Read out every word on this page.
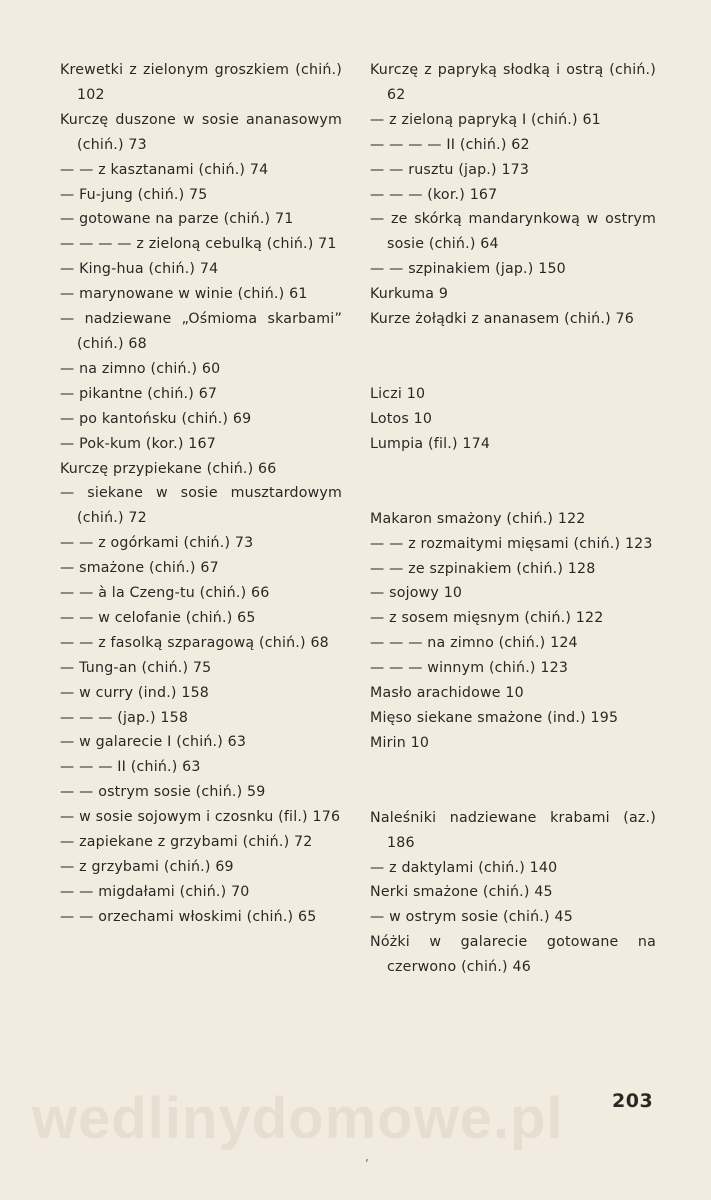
wedlinydomowe.pl
Krewetki z zielonym groszkiem (chiń.) 102
Kurczę duszone w sosie ananasowym (chiń.) 73
— — z kasztanami (chiń.) 74
— Fu-jung (chiń.) 75
— gotowane na parze (chiń.) 71
— — — — z zieloną cebulką (chiń.) 71
— King-hua (chiń.) 74
— marynowane w winie (chiń.) 61
— nadziewane „Ośmioma skarbami” (chiń.) 68
— na zimno (chiń.) 60
— pikantne (chiń.) 67
— po kantońsku (chiń.) 69
— Pok-kum (kor.) 167
Kurczę przypiekane (chiń.) 66
— siekane w sosie musztardowym (chiń.) 72
— — z ogórkami (chiń.) 73
— smażone (chiń.) 67
— — à la Czeng-tu (chiń.) 66
— — w celofanie (chiń.) 65
— — z fasolką szparagową (chiń.) 68
— Tung-an (chiń.) 75
— w curry (ind.) 158
— — — (jap.) 158
— w galarecie I (chiń.) 63
— — — II (chiń.) 63
— — ostrym sosie (chiń.) 59
— w sosie sojowym i czosnku (fil.) 176
— zapiekane z grzybami (chiń.) 72
— z grzybami (chiń.) 69
— — migdałami (chiń.) 70
— — orzechami włoskimi (chiń.) 65
Kurczę z papryką słodką i ostrą (chiń.) 62
— z zieloną papryką I (chiń.) 61
— — — — II (chiń.) 62
— — rusztu (jap.) 173
— — — (kor.) 167
— ze skórką mandarynkową w ostrym sosie (chiń.) 64
— — szpinakiem (jap.) 150
Kurkuma 9
Kurze żołądki z ananasem (chiń.) 76
Liczi 10
Lotos 10
Lumpia (fil.) 174
Makaron smażony (chiń.) 122
— — z rozmaitymi mięsami (chiń.) 123
— — ze szpinakiem (chiń.) 128
— sojowy 10
— z sosem mięsnym (chiń.) 122
— — — na zimno (chiń.) 124
— — — winnym (chiń.) 123
Masło arachidowe 10
Mięso siekane smażone (ind.) 195
Mirin 10
Naleśniki nadziewane krabami (az.) 186
— z daktylami (chiń.) 140
Nerki smażone (chiń.) 45
— w ostrym sosie (chiń.) 45
Nóżki w galarecie gotowane na czerwono (chiń.) 46
203
ʼ
